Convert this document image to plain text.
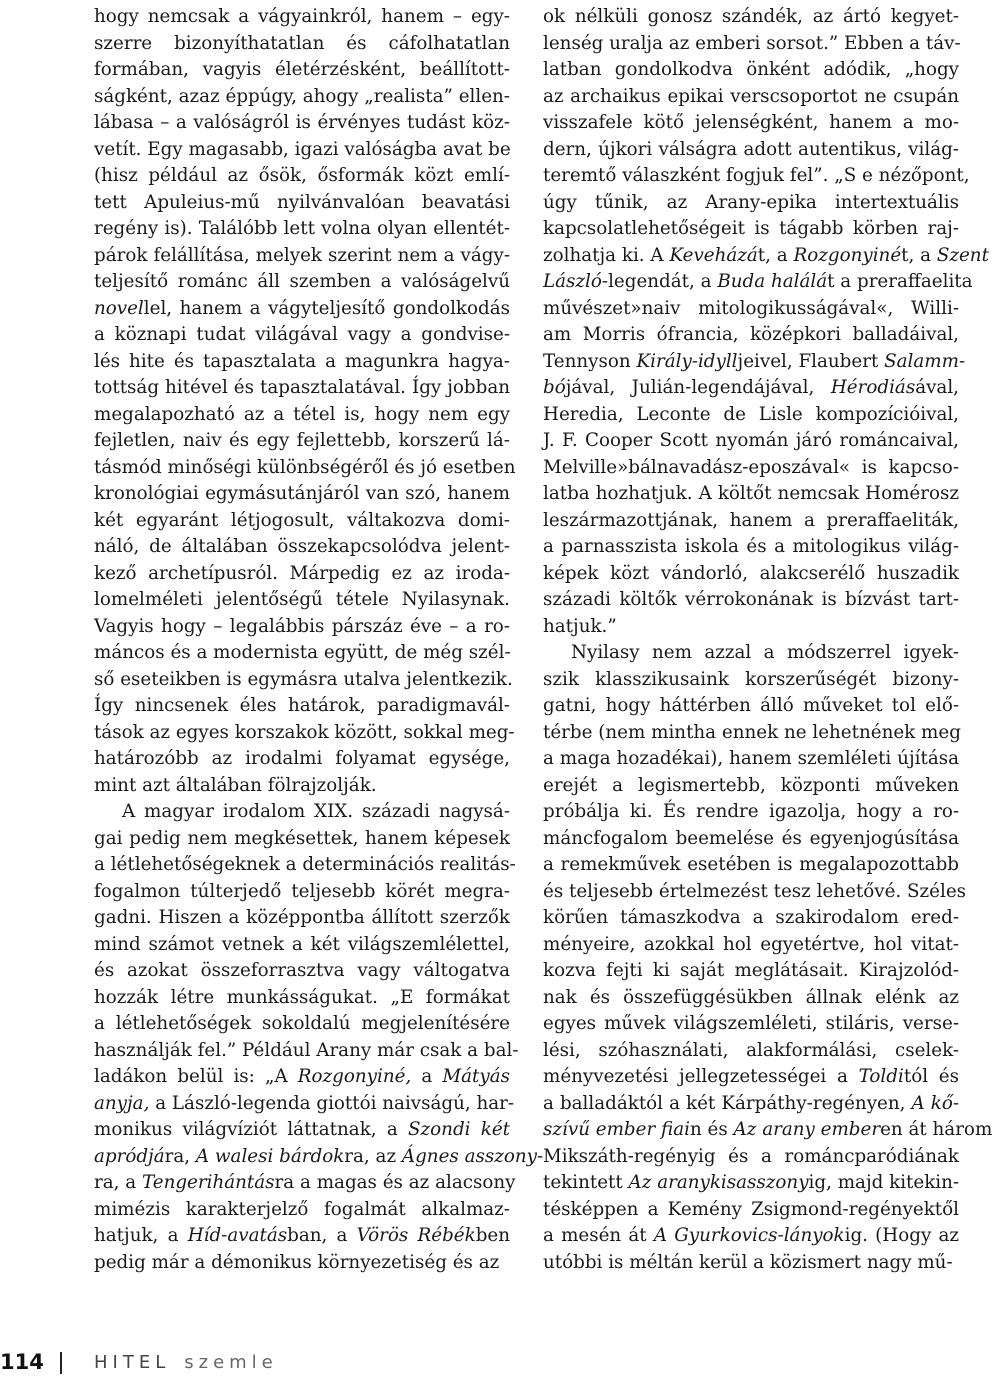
hogy nemcsak a vágyainkról, hanem – egy-
szerre bizonyíthatatlan és cáfolhatatlan
formában, vagyis életérzésként, beállított-
ságként, azaz éppúgy, ahogy „realista” ellen-
lábasa – a valóságról is érvényes tudást köz-
vetít. Egy magasabb, igazi valóságba avat be
(hisz például az ősök, ősformák közt emlí-
tett Apuleius-mű nyilvánvalóan beavatási
regény is). Találóbb lett volna olyan ellentét-
párok felállítása, melyek szerint nem a vágy-
teljesítő románc áll szemben a valóságelvű
novellel, hanem a vágyteljesítő gondolkodás
a köznapi tudat világával vagy a gondvise-
lés hite és tapasztalata a magunkra hagya-
tottság hitével és tapasztalatával. Így jobban
megalapozható az a tétel is, hogy nem egy
fejletlen, naiv és egy fejlettebb, korszerű lá-
tásmód minőségi különbségéről és jó esetben
kronológiai egymásutánjáról van szó, hanem
két egyaránt létjogosult, váltakozva domi-
náló, de általában összekapcsolódva jelent-
kező archetípusról. Márpedig ez az iroda-
lomelméleti jelentőségű tétele Nyilasynak.
Vagyis hogy – legalábbis párszáz éve – a ro-
máncos és a modernista együtt, de még szél-
ső eseteikben is egymásra utalva jelentkezik.
Így nincsenek éles határok, paradigmavál-
tások az egyes korszakok között, sokkal meg-
határozóbb az irodalmi folyamat egysége,
mint azt általában fölrajzolják.
A magyar irodalom XIX. századi nagysá-
gai pedig nem megkésettek, hanem képesek
a létlehetőségeknek a determinációs realitás-
fogalmon túlterjedő teljesebb körét megra-
gadni. Hiszen a középpontba állított szerzők
mind számot vetnek a két világszemlélettel,
és azokat összeforrasztva vagy váltogatva
hozzák létre munkásságukat. „E formákat
a létlehetőségek sokoldalú megjelenítésére
használják fel.” Például Arany már csak a bal-
ladákon belül is: „A Rozgonyiné, a Mátyás
anyja, a László-legenda giottói naivságú, har-
monikus világvíziót láttatnak, a Szondi két
apródjára, A walesi bárdokra, az Ágnes asszony-
ra, a Tengerihántásra a magas és az alacsony
mimézis karakterjelző fogalmát alkalmaz-
hatjuk, a Híd-avatásban, a Vörös Rébékben
pedig már a démonikus környezetiség és az
ok nélküli gonosz szándék, az ártó kegyet-
lenség uralja az emberi sorsot.” Ebben a táv-
latban gondolkodva önként adódik, „hogy
az archaikus epikai verscsoportot ne csupán
visszafele kötő jelenségként, hanem a mo-
dern, újkori válságra adott autentikus, világ-
teremtő válaszként fogjuk fel”. „S e nézőpont,
úgy tűnik, az Arany-epika intertextuális
kapcsolatlehetőségeit is tágabb körben raj-
zolhatja ki. A Keveházát, a Rozgonyinét, a Szent
László-legendát, a Buda halálát a preraffaelita
művészet»naiv mitologikusságával«, Willi-
am Morris ófrancia, középkori balladáival,
Tennyson Király-idylljeivel, Flaubert Salamm-
bójával, Julián-legendájával, Hérodiásával,
Heredia, Leconte de Lisle kompozícióival,
J. F. Cooper Scott nyomán járó románcaival,
Melville»bálnavadász-eposzával« is kapcso-
latba hozhatjuk. A költőt nemcsak Homérosz
leszármazottjának, hanem a preraffaeliták,
a parnasszista iskola és a mitologikus világ-
képek közt vándorló, alakcserélő huszadik
századi költők vérrokonának is bízvást tart-
hatjuk.”
Nyilasy nem azzal a módszerrel igyek-
szik klasszikusaink korszerűségét bizony-
gatni, hogy háttérben álló műveket tol elő-
térbe (nem mintha ennek ne lehetnének meg
a maga hozadékai), hanem szemléleti újítása
erejét a legismertebb, központi műveken
próbálja ki. És rendre igazolja, hogy a ro-
máncfogalom beemelése és egyenjogúsítása
a remekművek esetében is megalapozottabb
és teljesebb értelmezést tesz lehetővé. Széles
körűen támaszkodva a szakirodalom ered-
ményeire, azokkal hol egyetértve, hol vitat-
kozva fejti ki saját meglátásait. Kirajzolód-
nak és összefüggésükben állnak elénk az
egyes művek világszemléleti, stiláris, verse-
lési, szóhasználati, alakformálási, cselek-
ményvezetési jellegzetességei a Tolditól és
a balladáktól a két Kárpáthy-regényen, A kő-
szívű ember fiain és Az arany emberen át három
Mikszáth-regényig és a románcparódiának
tekintett Az aranykisasszonyig, majd kitekin-
tésképpen a Kemény Zsigmond-regényektől
a mesén át A Gyurkovics-lányokig. (Hogy az
utóbbi is méltán kerül a közismert nagy mű-
114	HITEL szemle
